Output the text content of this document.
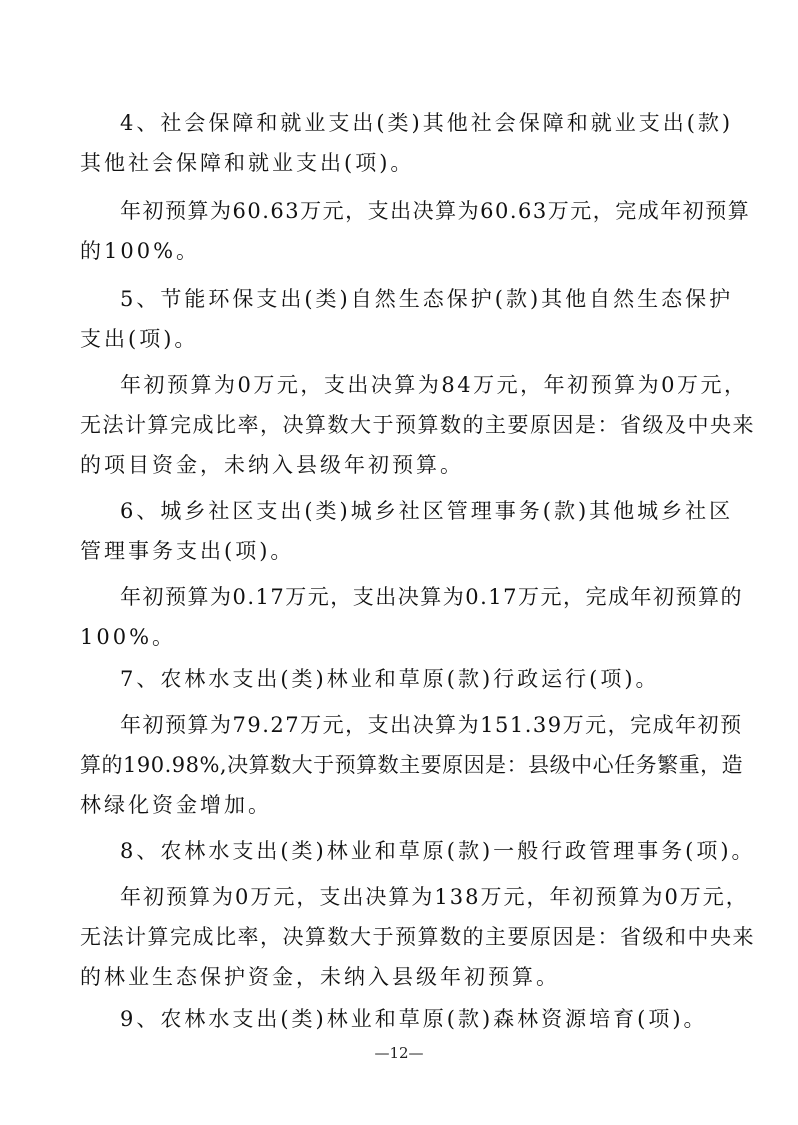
4、社会保障和就业支出(类)其他社会保障和就业支出(款)
其他社会保障和就业支出(项)。
年初预算为60.63万元，支出决算为60.63万元，完成年初预算
的100%。
5、节能环保支出(类)自然生态保护(款)其他自然生态保护
支出(项)。
年初预算为0万元，支出决算为84万元，年初预算为0万元，
无法计算完成比率，决算数大于预算数的主要原因是：省级及中央来
的项目资金，未纳入县级年初预算。
6、城乡社区支出(类)城乡社区管理事务(款)其他城乡社区
管理事务支出(项)。
年初预算为0.17万元，支出决算为0.17万元，完成年初预算的
100%。
7、农林水支出(类)林业和草原(款)行政运行(项)。
年初预算为79.27万元，支出决算为151.39万元，完成年初预
算的190.98%,决算数大于预算数主要原因是：县级中心任务繁重，造
林绿化资金增加。
8、农林水支出(类)林业和草原(款)一般行政管理事务(项)。
年初预算为0万元，支出决算为138万元，年初预算为0万元，
无法计算完成比率，决算数大于预算数的主要原因是：省级和中央来
的林业生态保护资金，未纳入县级年初预算。
9、农林水支出(类)林业和草原(款)森林资源培育(项)。
—12—
